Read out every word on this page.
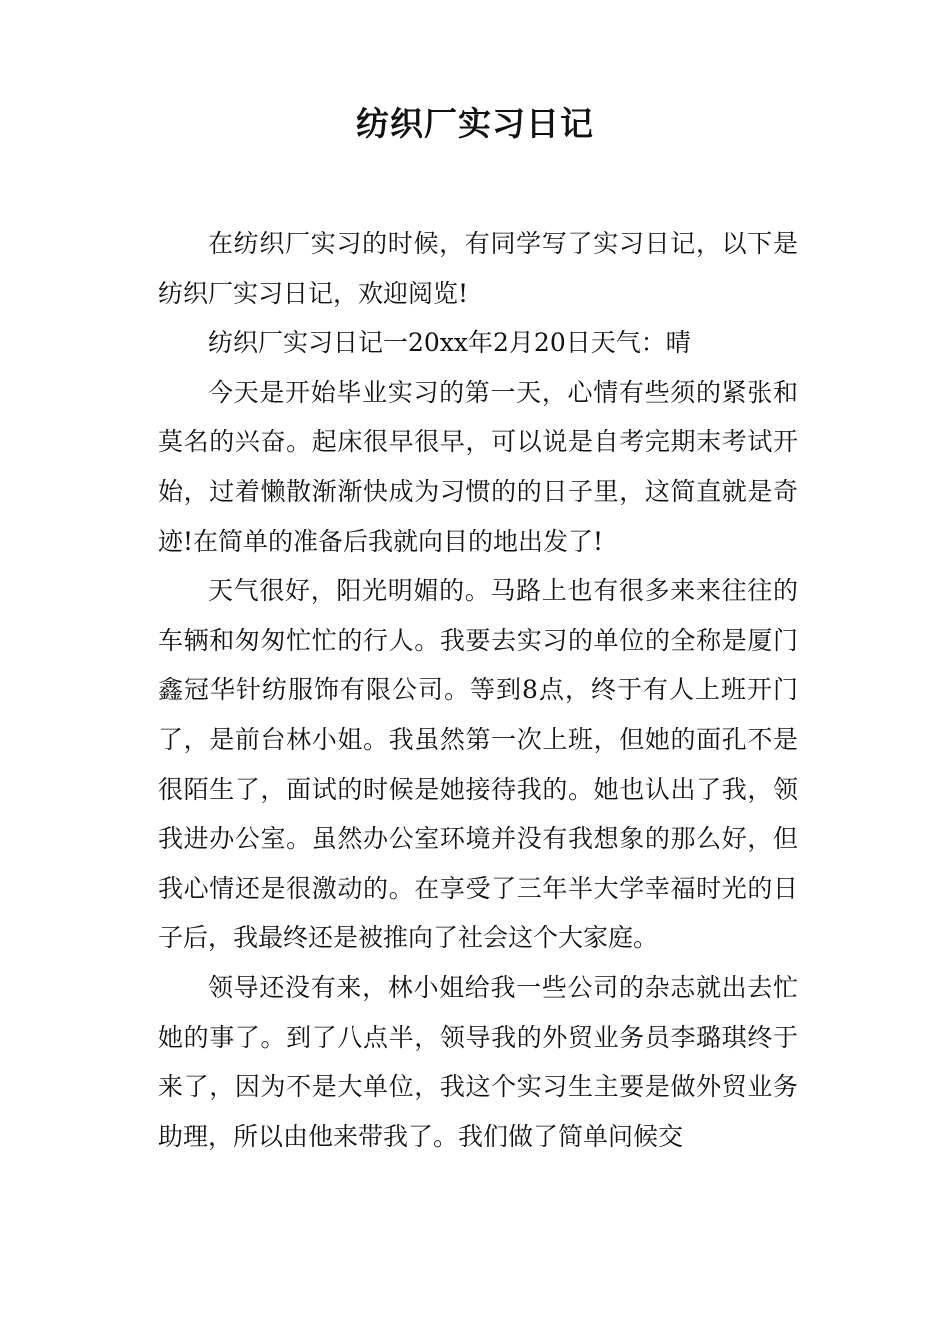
纺织厂实习日记

在纺织厂实习的时候，有同学写了实习日记，以下是纺织厂实习日记，欢迎阅览!

纺织厂实习日记一20xx年2月20日天气：晴

今天是开始毕业实习的第一天，心情有些须的紧张和莫名的兴奋。起床很早很早，可以说是自考完期末考试开始，过着懒散渐渐快成为习惯的的日子里，这简直就是奇迹!在简单的准备后我就向目的地出发了!

天气很好，阳光明媚的。马路上也有很多来来往往的车辆和匆匆忙忙的行人。我要去实习的单位的全称是厦门鑫冠华针纺服饰有限公司。等到8点，终于有人上班开门了，是前台林小姐。我虽然第一次上班，但她的面孔不是很陌生了，面试的时候是她接待我的。她也认出了我，领我进办公室。虽然办公室环境并没有我想象的那么好，但我心情还是很激动的。在享受了三年半大学幸福时光的日子后，我最终还是被推向了社会这个大家庭。

领导还没有来，林小姐给我一些公司的杂志就出去忙她的事了。到了八点半，领导我的外贸业务员李璐琪终于来了，因为不是大单位，我这个实习生主要是做外贸业务助理，所以由他来带我了。我们做了简单问候交
